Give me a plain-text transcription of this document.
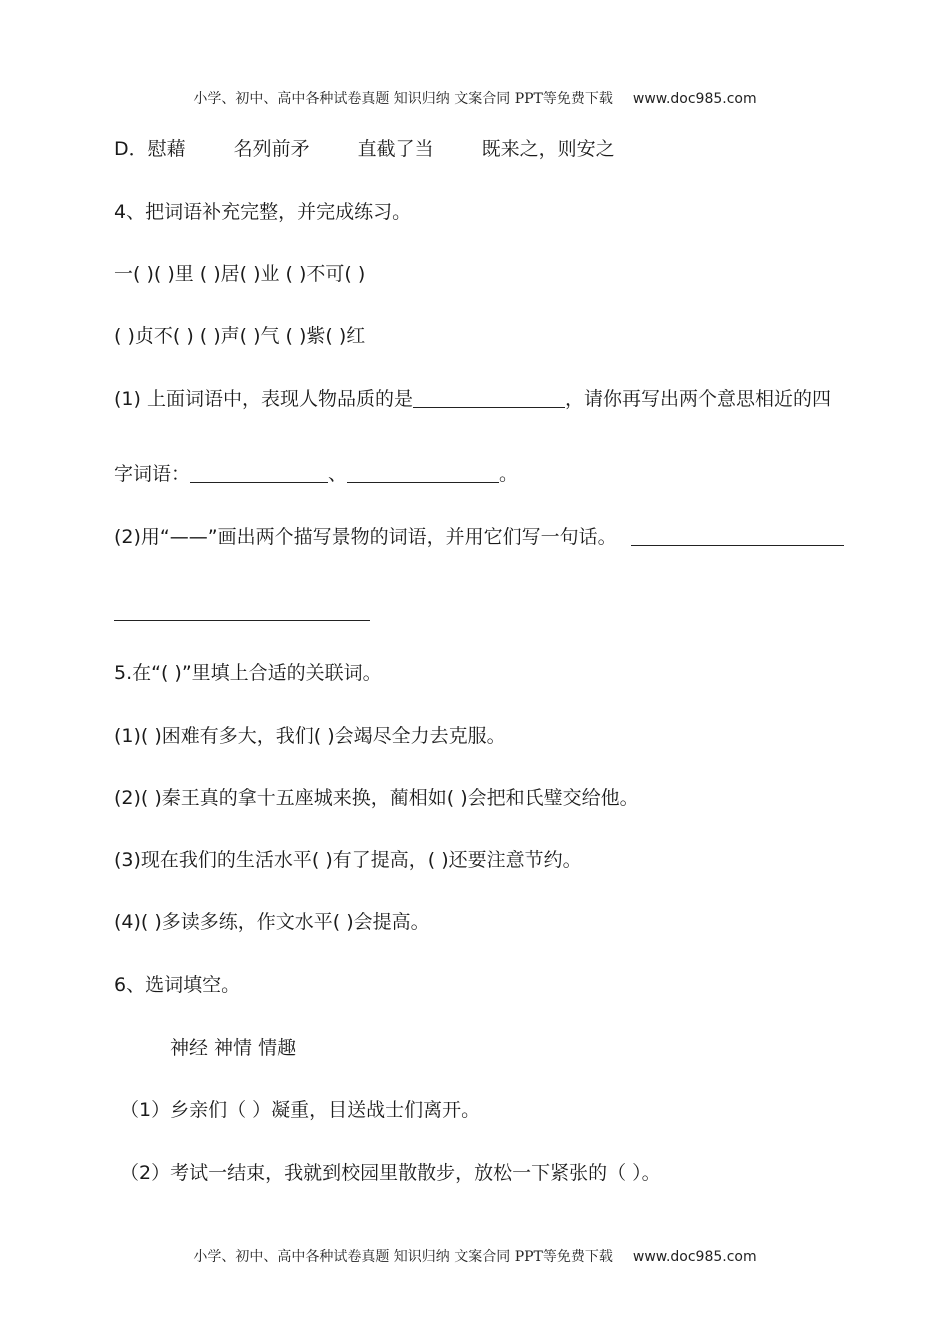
小学、初中、高中各种试卷真题 知识归纳 文案合同 PPT等免费下载 www.doc985.com
D．慰藉	名列前矛	直截了当	既来之，则安之
4、把词语补充完整，并完成练习。
一( )( )里 ( )居( )业 ( )不可( )
( )贞不( ) ( )声( )气 ( )紫( )红
(1) 上面词语中，表现人物品质的是	，请你再写出两个意思相近的四
字词语：	、	。
(2)用“——”画出两个描写景物的词语，并用它们写一句话。
5.在“( )”里填上合适的关联词。
(1)( )困难有多大，我们( )会竭尽全力去克服。
(2)( )秦王真的拿十五座城来换，蔺相如( )会把和氏璧交给他。
(3)现在我们的生活水平( )有了提高，( )还要注意节约。
(4)( )多读多练，作文水平( )会提高。
6、选词填空。
神经 神情 情趣
（1）乡亲们（ ）凝重，目送战士们离开。
（2）考试一结束，我就到校园里散散步，放松一下紧张的（ ）。
小学、初中、高中各种试卷真题 知识归纳 文案合同 PPT等免费下载 www.doc985.com
